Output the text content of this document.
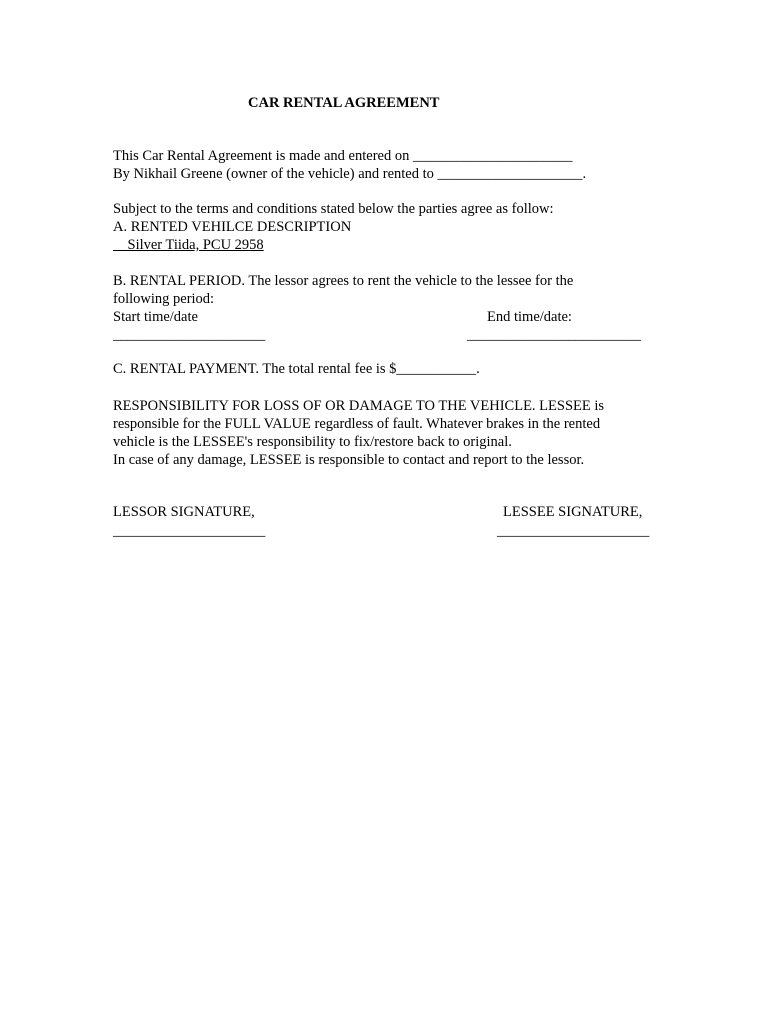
CAR RENTAL AGREEMENT
This Car Rental Agreement is made and entered on ______________________
By Nikhail Greene (owner of the vehicle) and rented to ____________________.
Subject to the terms and conditions stated below the parties agree as follow:
A. RENTED VEHILCE DESCRIPTION
Silver Tiida, PCU 2958
B. RENTAL PERIOD. The lessor agrees to rent the vehicle to the lessee for the
following period:
Start time/date	End time/date:
_____________________	________________________
C. RENTAL PAYMENT. The total rental fee is $___________.
RESPONSIBILITY FOR LOSS OF OR DAMAGE TO THE VEHICLE. LESSEE is
responsible for the FULL VALUE regardless of fault. Whatever brakes in the rented
vehicle is the LESSEE's responsibility to fix/restore back to original.
In case of any damage, LESSEE is responsible to contact and report to the lessor.
LESSOR SIGNATURE,	LESSEE SIGNATURE,
_____________________	_____________________
